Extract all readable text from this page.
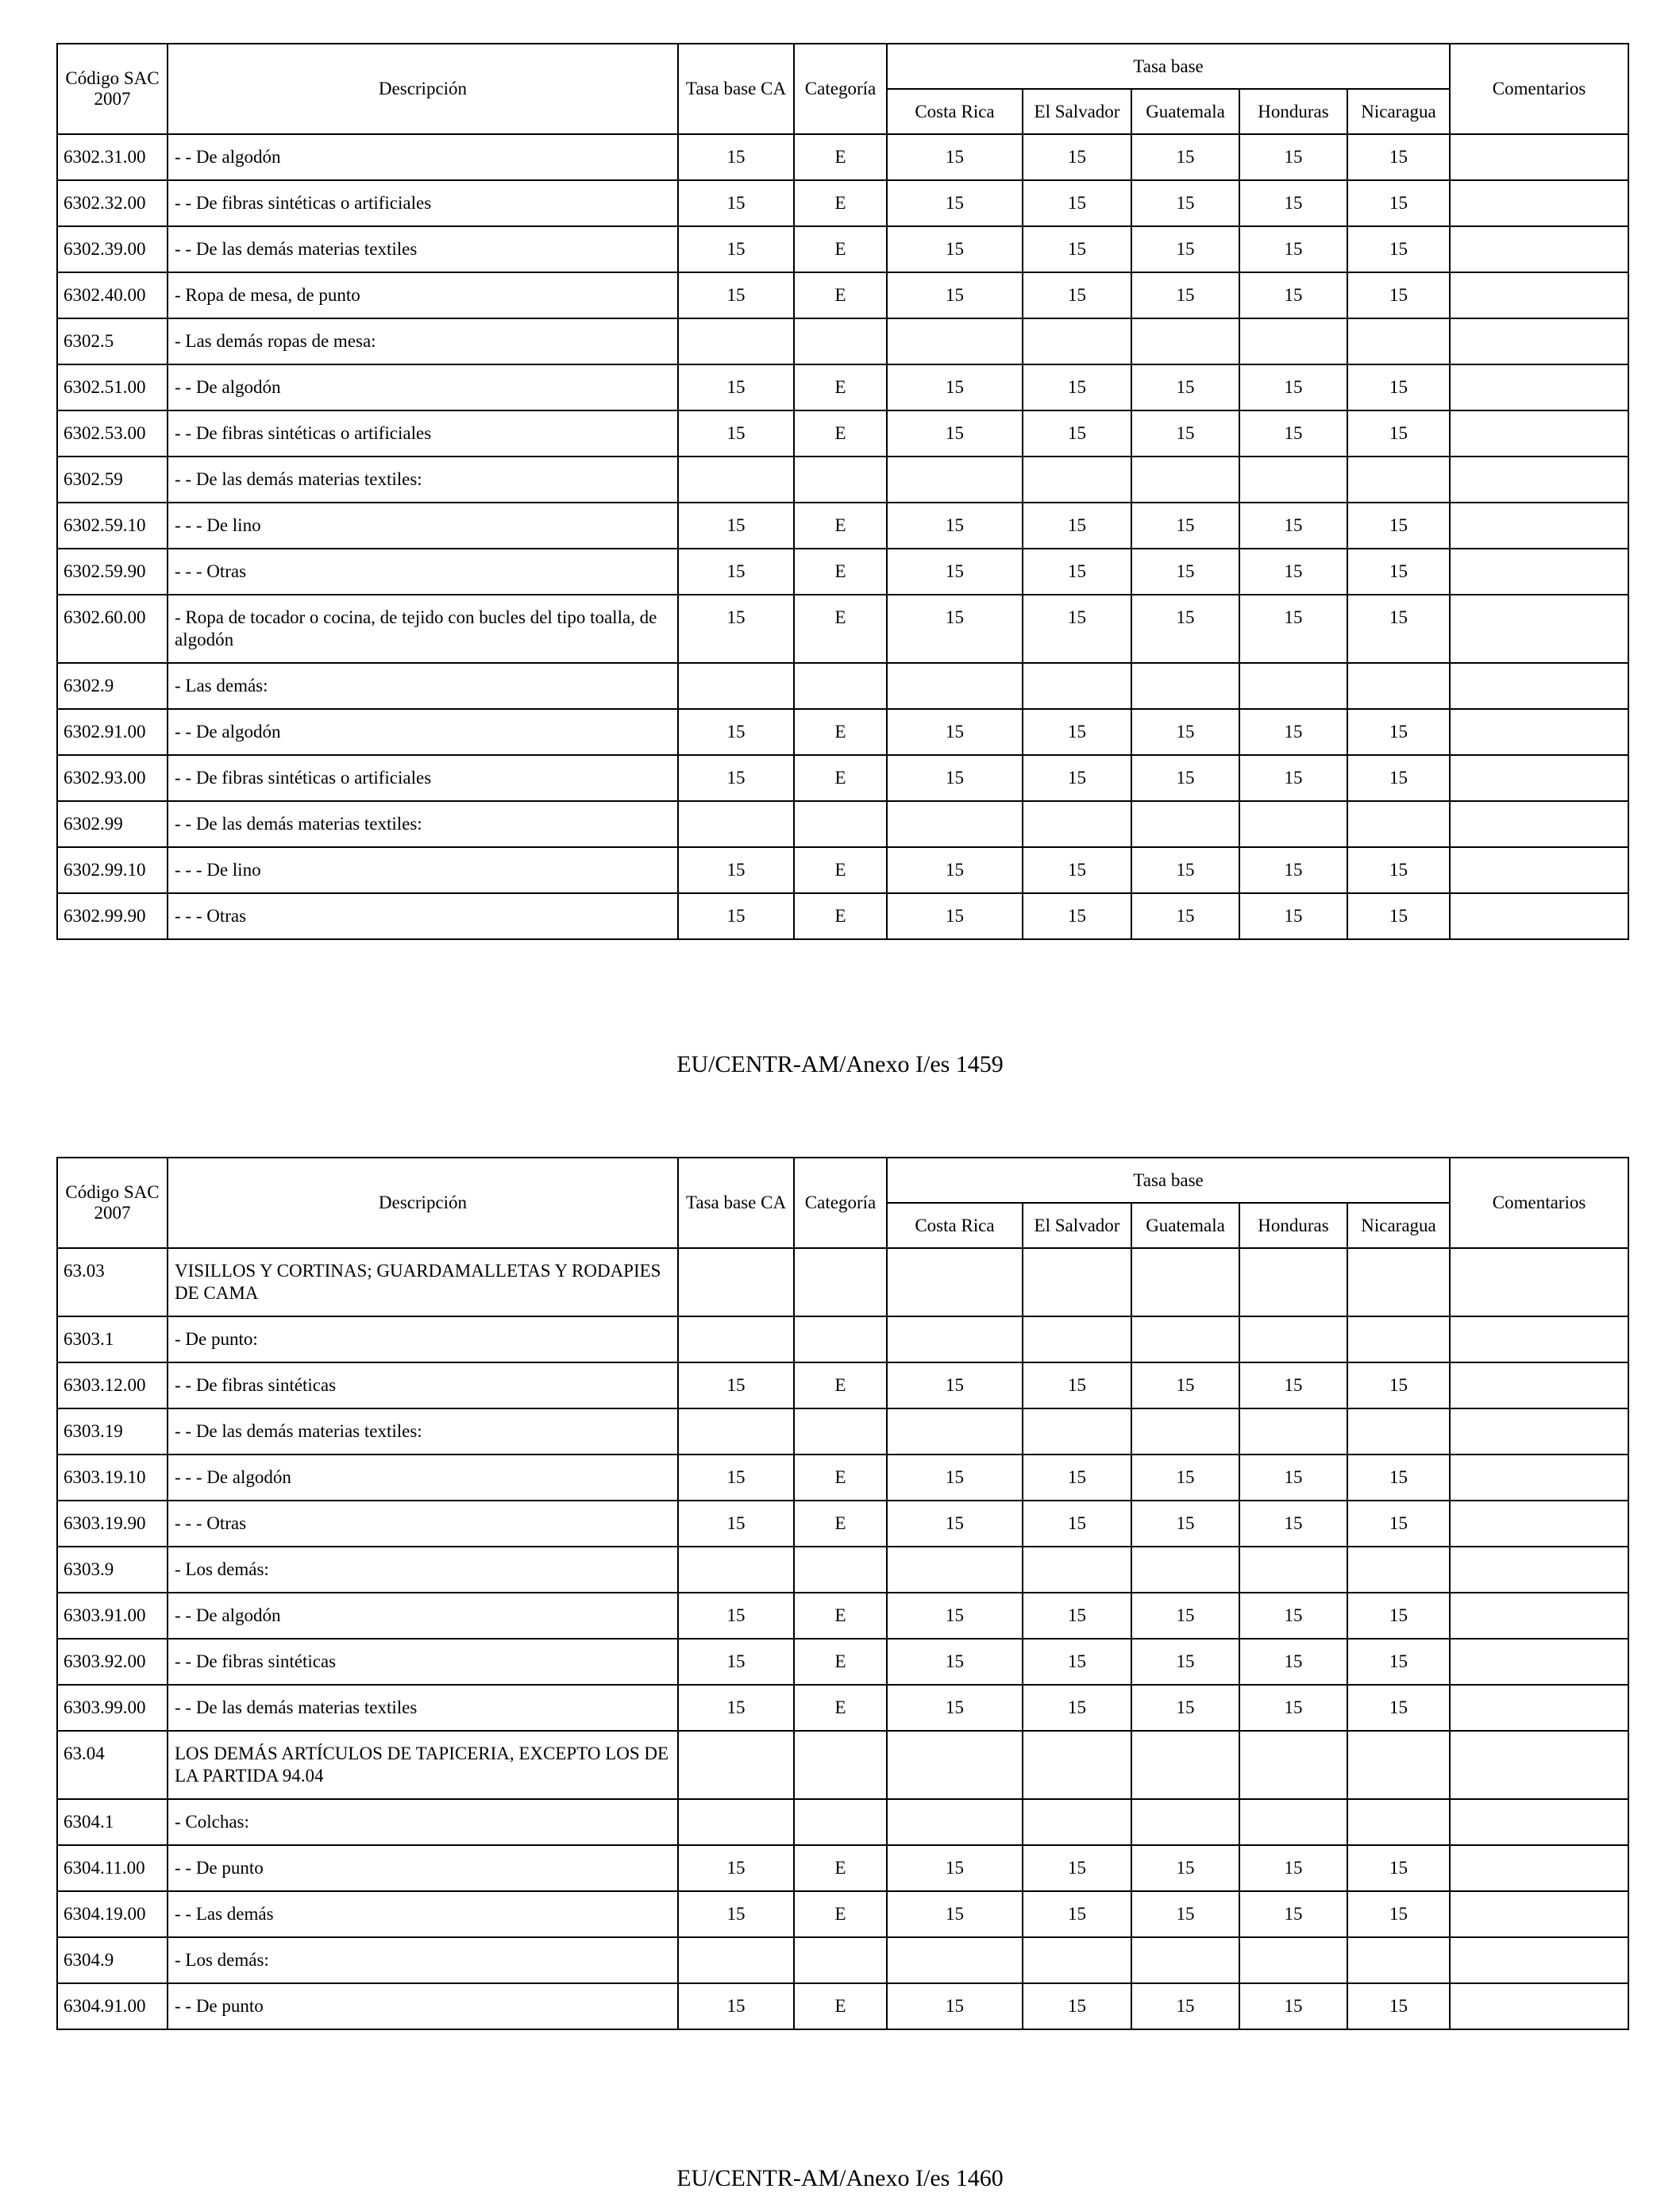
Código SAC 2007	Descripción	Tasa base CA	Categoría	Tasa base					Comentarios
				Costa Rica	El Salvador	Guatemala	Honduras	Nicaragua	
6302.31.00	- - De algodón	15	E	15	15	15	15	15	
6302.32.00	- - De fibras sintéticas o artificiales	15	E	15	15	15	15	15	
6302.39.00	- - De las demás materias textiles	15	E	15	15	15	15	15	
6302.40.00	- Ropa de mesa, de punto	15	E	15	15	15	15	15	
6302.5	- Las demás ropas de mesa:								
6302.51.00	- - De algodón	15	E	15	15	15	15	15	
6302.53.00	- - De fibras sintéticas o artificiales	15	E	15	15	15	15	15	
6302.59	- - De las demás materias textiles:								
6302.59.10	- - - De lino	15	E	15	15	15	15	15	
6302.59.90	- - - Otras	15	E	15	15	15	15	15	
6302.60.00	- Ropa de tocador o cocina, de tejido con bucles del tipo toalla, de algodón	15	E	15	15	15	15	15	
6302.9	- Las demás:								
6302.91.00	- - De algodón	15	E	15	15	15	15	15	
6302.93.00	- - De fibras sintéticas o artificiales	15	E	15	15	15	15	15	
6302.99	- - De las demás materias textiles:								
6302.99.10	- - - De lino	15	E	15	15	15	15	15	
6302.99.90	- - - Otras	15	E	15	15	15	15	15	
EU/CENTR-AM/Anexo I/es 1459
Código SAC 2007	Descripción	Tasa base CA	Categoría	Tasa base					Comentarios
				Costa Rica	El Salvador	Guatemala	Honduras	Nicaragua	
63.03	VISILLOS Y CORTINAS; GUARDAMALLETAS Y RODAPIES DE CAMA								
6303.1	- De punto:								
6303.12.00	- - De fibras sintéticas	15	E	15	15	15	15	15	
6303.19	- - De las demás materias textiles:								
6303.19.10	- - - De algodón	15	E	15	15	15	15	15	
6303.19.90	- - - Otras	15	E	15	15	15	15	15	
6303.9	- Los demás:								
6303.91.00	- - De algodón	15	E	15	15	15	15	15	
6303.92.00	- - De fibras sintéticas	15	E	15	15	15	15	15	
6303.99.00	- - De las demás materias textiles	15	E	15	15	15	15	15	
63.04	LOS DEMÁS ARTÍCULOS DE TAPICERIA, EXCEPTO LOS DE LA PARTIDA 94.04								
6304.1	- Colchas:								
6304.11.00	- - De punto	15	E	15	15	15	15	15	
6304.19.00	- - Las demás	15	E	15	15	15	15	15	
6304.9	- Los demás:								
6304.91.00	- - De punto	15	E	15	15	15	15	15	
EU/CENTR-AM/Anexo I/es 1460
